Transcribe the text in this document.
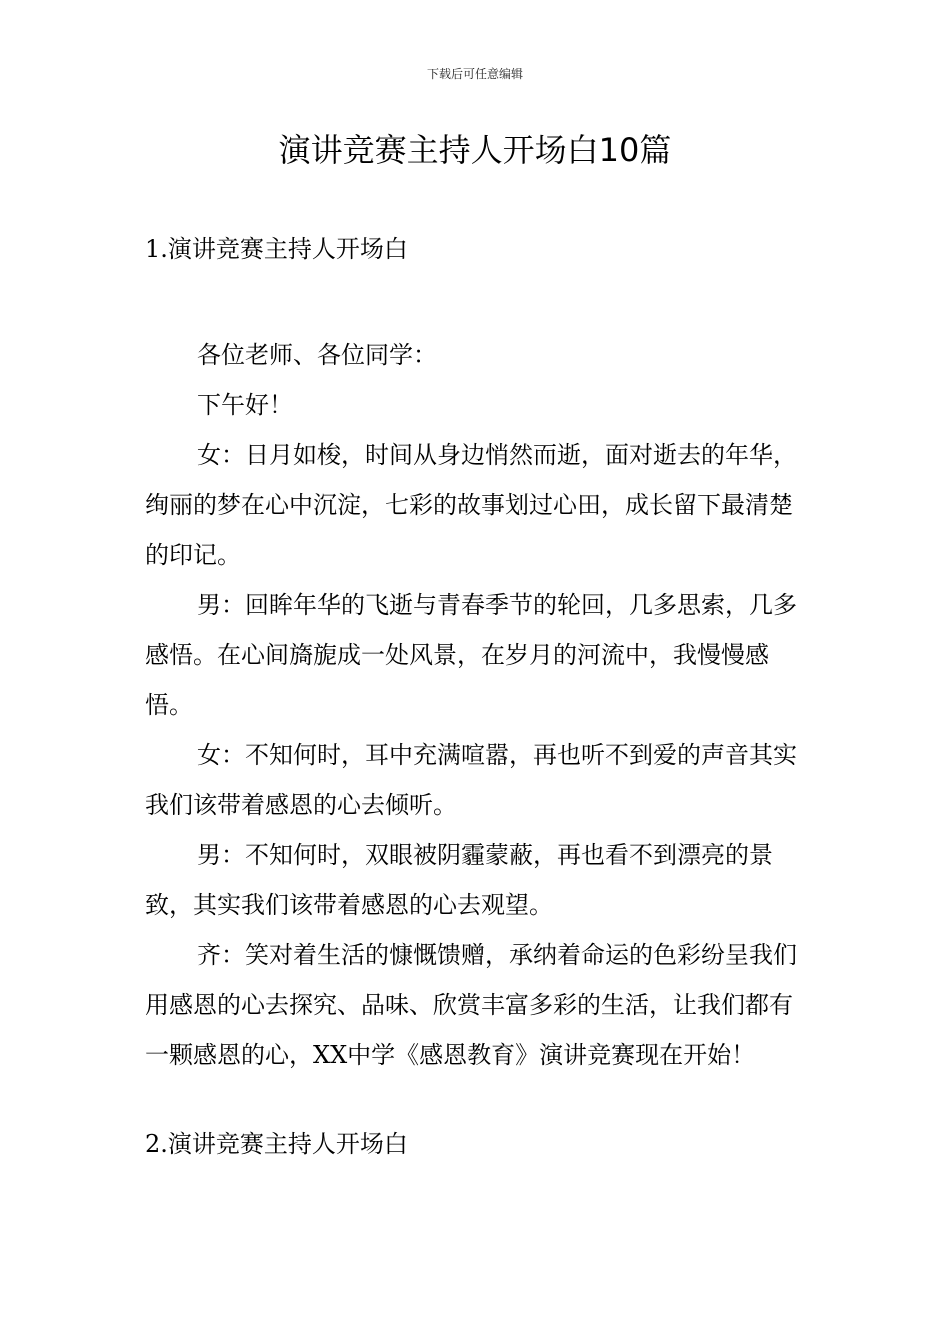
下载后可任意编辑
演讲竞赛主持人开场白10篇
1.演讲竞赛主持人开场白

各位老师、各位同学：

下午好！

女：日月如梭，时间从身边悄然而逝，面对逝去的年华，绚丽的梦在心中沉淀，七彩的故事划过心田，成长留下最清楚的印记。

男：回眸年华的飞逝与青春季节的轮回，几多思索，几多感悟。在心间旖旎成一处风景，在岁月的河流中，我慢慢感悟。

女：不知何时，耳中充满喧嚣，再也听不到爱的声音其实我们该带着感恩的心去倾听。

男：不知何时，双眼被阴霾蒙蔽，再也看不到漂亮的景致，其实我们该带着感恩的心去观望。

齐：笑对着生活的慷慨馈赠，承纳着命运的色彩纷呈我们用感恩的心去探究、品味、欣赏丰富多彩的生活，让我们都有一颗感恩的心，XX中学《感恩教育》演讲竞赛现在开始！

2.演讲竞赛主持人开场白
